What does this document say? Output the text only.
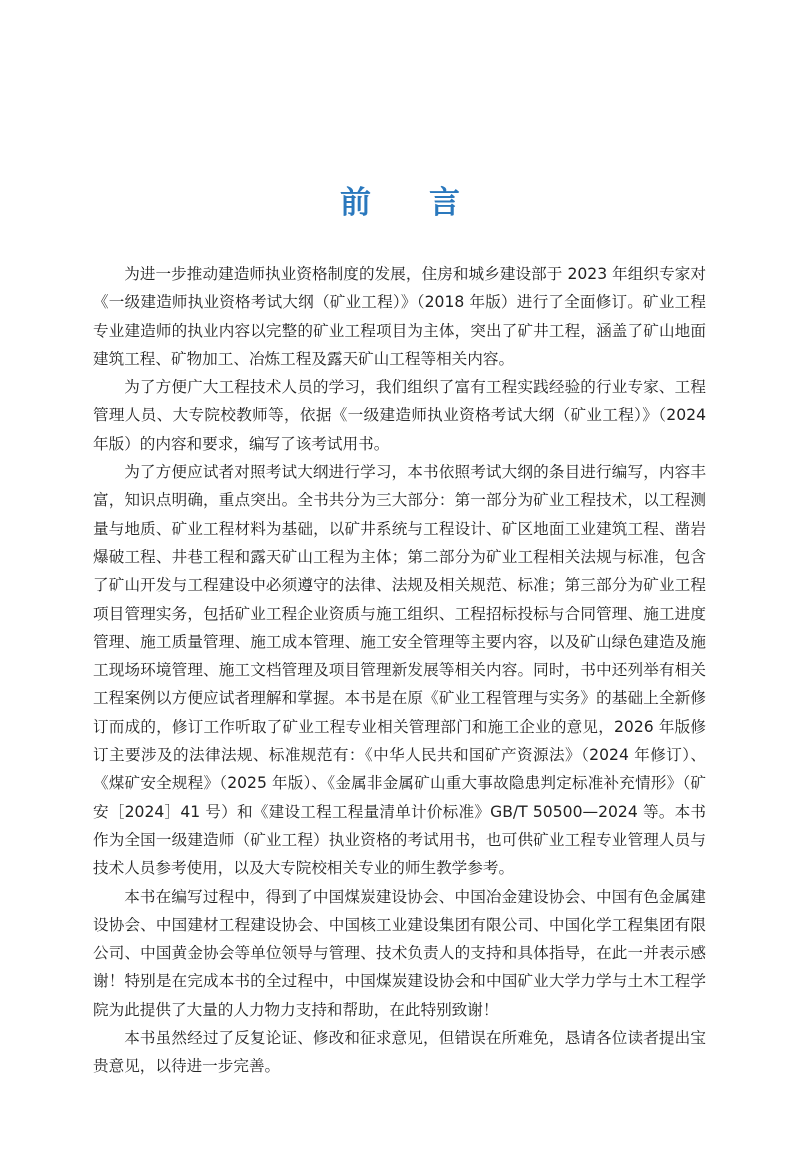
前 言

为进一步推动建造师执业资格制度的发展，住房和城乡建设部于 2023 年组织专家对《一级建造师执业资格考试大纲（矿业工程）》（2018 年版）进行了全面修订。矿业工程专业建造师的执业内容以完整的矿业工程项目为主体，突出了矿井工程，涵盖了矿山地面建筑工程、矿物加工、冶炼工程及露天矿山工程等相关内容。

为了方便广大工程技术人员的学习，我们组织了富有工程实践经验的行业专家、工程管理人员、大专院校教师等，依据《一级建造师执业资格考试大纲（矿业工程）》（2024 年版）的内容和要求，编写了该考试用书。

为了方便应试者对照考试大纲进行学习，本书依照考试大纲的条目进行编写，内容丰富，知识点明确，重点突出。全书共分为三大部分：第一部分为矿业工程技术，以工程测量与地质、矿业工程材料为基础，以矿井系统与工程设计、矿区地面工业建筑工程、凿岩爆破工程、井巷工程和露天矿山工程为主体；第二部分为矿业工程相关法规与标准，包含了矿山开发与工程建设中必须遵守的法律、法规及相关规范、标准；第三部分为矿业工程项目管理实务，包括矿业工程企业资质与施工组织、工程招标投标与合同管理、施工进度管理、施工质量管理、施工成本管理、施工安全管理等主要内容，以及矿山绿色建造及施工现场环境管理、施工文档管理及项目管理新发展等相关内容。同时，书中还列举有相关工程案例以方便应试者理解和掌握。本书是在原《矿业工程管理与实务》的基础上全新修订而成的，修订工作听取了矿业工程专业相关管理部门和施工企业的意见，2026 年版修订主要涉及的法律法规、标准规范有：《中华人民共和国矿产资源法》（2024 年修订）、《煤矿安全规程》（2025 年版）、《金属非金属矿山重大事故隐患判定标准补充情形》（矿安［2024］41 号）和《建设工程工程量清单计价标准》GB/T 50500—2024 等。本书作为全国一级建造师（矿业工程）执业资格的考试用书，也可供矿业工程专业管理人员与技术人员参考使用，以及大专院校相关专业的师生教学参考。

本书在编写过程中，得到了中国煤炭建设协会、中国冶金建设协会、中国有色金属建设协会、中国建材工程建设协会、中国核工业建设集团有限公司、中国化学工程集团有限公司、中国黄金协会等单位领导与管理、技术负责人的支持和具体指导，在此一并表示感谢！特别是在完成本书的全过程中，中国煤炭建设协会和中国矿业大学力学与土木工程学院为此提供了大量的人力物力支持和帮助，在此特别致谢！

本书虽然经过了反复论证、修改和征求意见，但错误在所难免，恳请各位读者提出宝贵意见，以待进一步完善。
